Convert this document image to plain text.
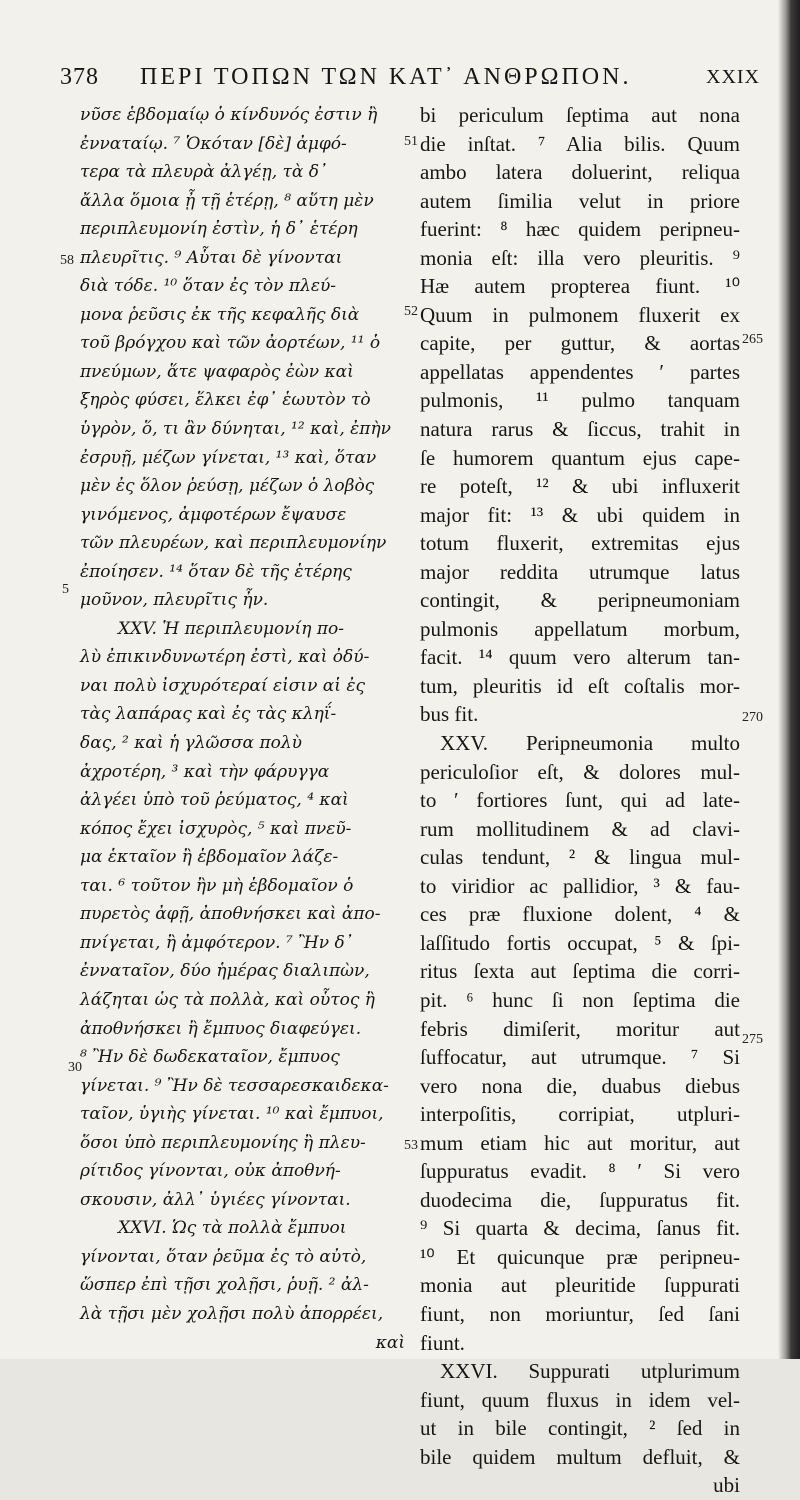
378 ΠΕΡΙ ΤΟΠΩΝ ΤΩΝ ΚΑΤ᾿ ΑΝΘΡΩΠΟΝ.	XXIX
νῦσε ἑβδομαίῳ ὁ κίνδυνός ἐστιν ἢ
ἐνναταίῳ. ⁷ Ὁκόταν [δὲ] ἀμφό-
τερα τὰ πλευρὰ ἀλγέῃ, τὰ δ᾿
ἄλλα ὅμοια ᾖ τῇ ἑτέρῃ, ⁸ αὕτη μὲν
περιπλευμονίη ἐστὶν, ἡ δ᾿ ἑτέρη
πλευρῖτις. ⁹ Αὗται δὲ γίνονται
διὰ τόδε. ¹⁰ ὅταν ἐς τὸν πλεύ-
μονα ῥεῦσις ἐκ τῆς κεφαλῆς διὰ
τοῦ βρόγχου καὶ τῶν ἀορτέων, ¹¹ ὁ
πνεύμων, ἅτε ψαφαρὸς ἐὼν καὶ
ξηρὸς φύσει, ἕλκει ἐφ᾿ ἑωυτὸν τὸ
ὑγρὸν, ὅ, τι ἂν δύνηται, ¹² καὶ, ἐπὴν
ἐσρυῇ, μέζων γίνεται, ¹³ καὶ, ὅταν
μὲν ἐς ὅλον ῥεύσῃ, μέζων ὁ λοβὸς
γινόμενος, ἀμφοτέρων ἔψαυσε
τῶν πλευρέων, καὶ περιπλευμονίην
ἐποίησεν. ¹⁴ ὅταν δὲ τῆς ἑτέρης
μοῦνον, πλευρῖτις ἦν.
XXV. Ἡ περιπλευμονίη πο-
λὺ ἐπικινδυνωτέρη ἐστὶ, καὶ ὀδύ-
ναι πολὺ ἰσχυρότεραί εἰσιν αἱ ἐς
τὰς λαπάρας καὶ ἐς τὰς κληΐ-
δας, ² καὶ ἡ γλῶσσα πολὺ
ἀχροτέρη, ³ καὶ τὴν φάρυγγα
ἀλγέει ὑπὸ τοῦ ῥεύματος, ⁴ καὶ
κόπος ἔχει ἰσχυρὸς, ⁵ καὶ πνεῦ-
μα ἑκταῖον ἢ ἑβδομαῖον λάζε-
ται. ⁶ τοῦτον ἢν μὴ ἑβδομαῖον ὁ
πυρετὸς ἀφῇ, ἀποθνήσκει καὶ ἀπο-
πνίγεται, ἢ ἀμφότερον. ⁷ Ἢν δ᾿
ἐνναταῖον, δύο ἡμέρας διαλιπὼν,
λάζηται ὡς τὰ πολλὰ, καὶ οὗτος ἢ
ἀποθνήσκει ἢ ἔμπυος διαφεύγει.
⁸ Ἢν δὲ δωδεκαταῖον, ἔμπυος
γίνεται. ⁹ Ἢν δὲ τεσσαρεσκαιδεκα-
ταῖον, ὑγιὴς γίνεται. ¹⁰ καὶ ἔμπυοι,
ὅσοι ὑπὸ περιπλευμονίης ἢ πλευ-
ρίτιδος γίνονται, οὐκ ἀποθνή-
σκουσιν, ἀλλ᾿ ὑγιέες γίνονται.
XXVI. Ὡς τὰ πολλὰ ἔμπυοι
γίνονται, ὅταν ῥεῦμα ἐς τὸ αὐτὸ,
ὥσπερ ἐπὶ τῇσι χολῇσι, ῥυῇ. ² ἀλ-
λὰ τῇσι μὲν χολῇσι πολὺ ἀπορρέει,
καὶ
bi periculum ſeptima aut nona
die inſtat. ⁷ Alia bilis. Quum
ambo latera doluerint, reliqua
autem ſimilia velut in priore
fuerint: ⁸ hæc quidem peripneu-
monia eſt: illa vero pleuritis. ⁹
Hæ autem propterea fiunt. ¹⁰
Quum in pulmonem fluxerit ex
capite, per guttur, & aortas
appellatas appendentes ʹ partes
pulmonis, ¹¹ pulmo tanquam
natura rarus & ſiccus, trahit in
ſe humorem quantum ejus cape-
re poteſt, ¹² & ubi influxerit
major fit: ¹³ & ubi quidem in
totum fluxerit, extremitas ejus
major reddita utrumque latus
contingit, & peripneumoniam
pulmonis appellatum morbum,
facit. ¹⁴ quum vero alterum tan-
tum, pleuritis id eſt coſtalis mor-
bus fit.
XXV. Peripneumonia multo
periculoſior eſt, & dolores mul-
to ʹ fortiores ſunt, qui ad late-
rum mollitudinem & ad clavi-
culas tendunt, ² & lingua mul-
to viridior ac pallidior, ³ & fau-
ces præ fluxione dolent, ⁴ &
laſſitudo fortis occupat, ⁵ & ſpi-
ritus ſexta aut ſeptima die corri-
pit. ⁶ hunc ſi non ſeptima die
febris dimiſerit, moritur aut
ſuffocatur, aut utrumque. ⁷ Si
vero nona die, duabus diebus
interpoſitis, corripiat, utpluri-
mum etiam hic aut moritur, aut
ſuppuratus evadit. ⁸ ʹ Si vero
duodecima die, ſuppuratus fit.
⁹ Si quarta & decima, ſanus fit.
¹⁰ Et quicunque præ peripneu-
monia aut pleuritide ſuppurati
fiunt, non moriuntur, ſed ſani
fiunt.
XXVI. Suppurati utplurimum
fiunt, quum fluxus in idem vel-
ut in bile contingit, ² ſed in
bile quidem multum defluit, &
ubi
51
52
53
265
270
275
58
5
30
